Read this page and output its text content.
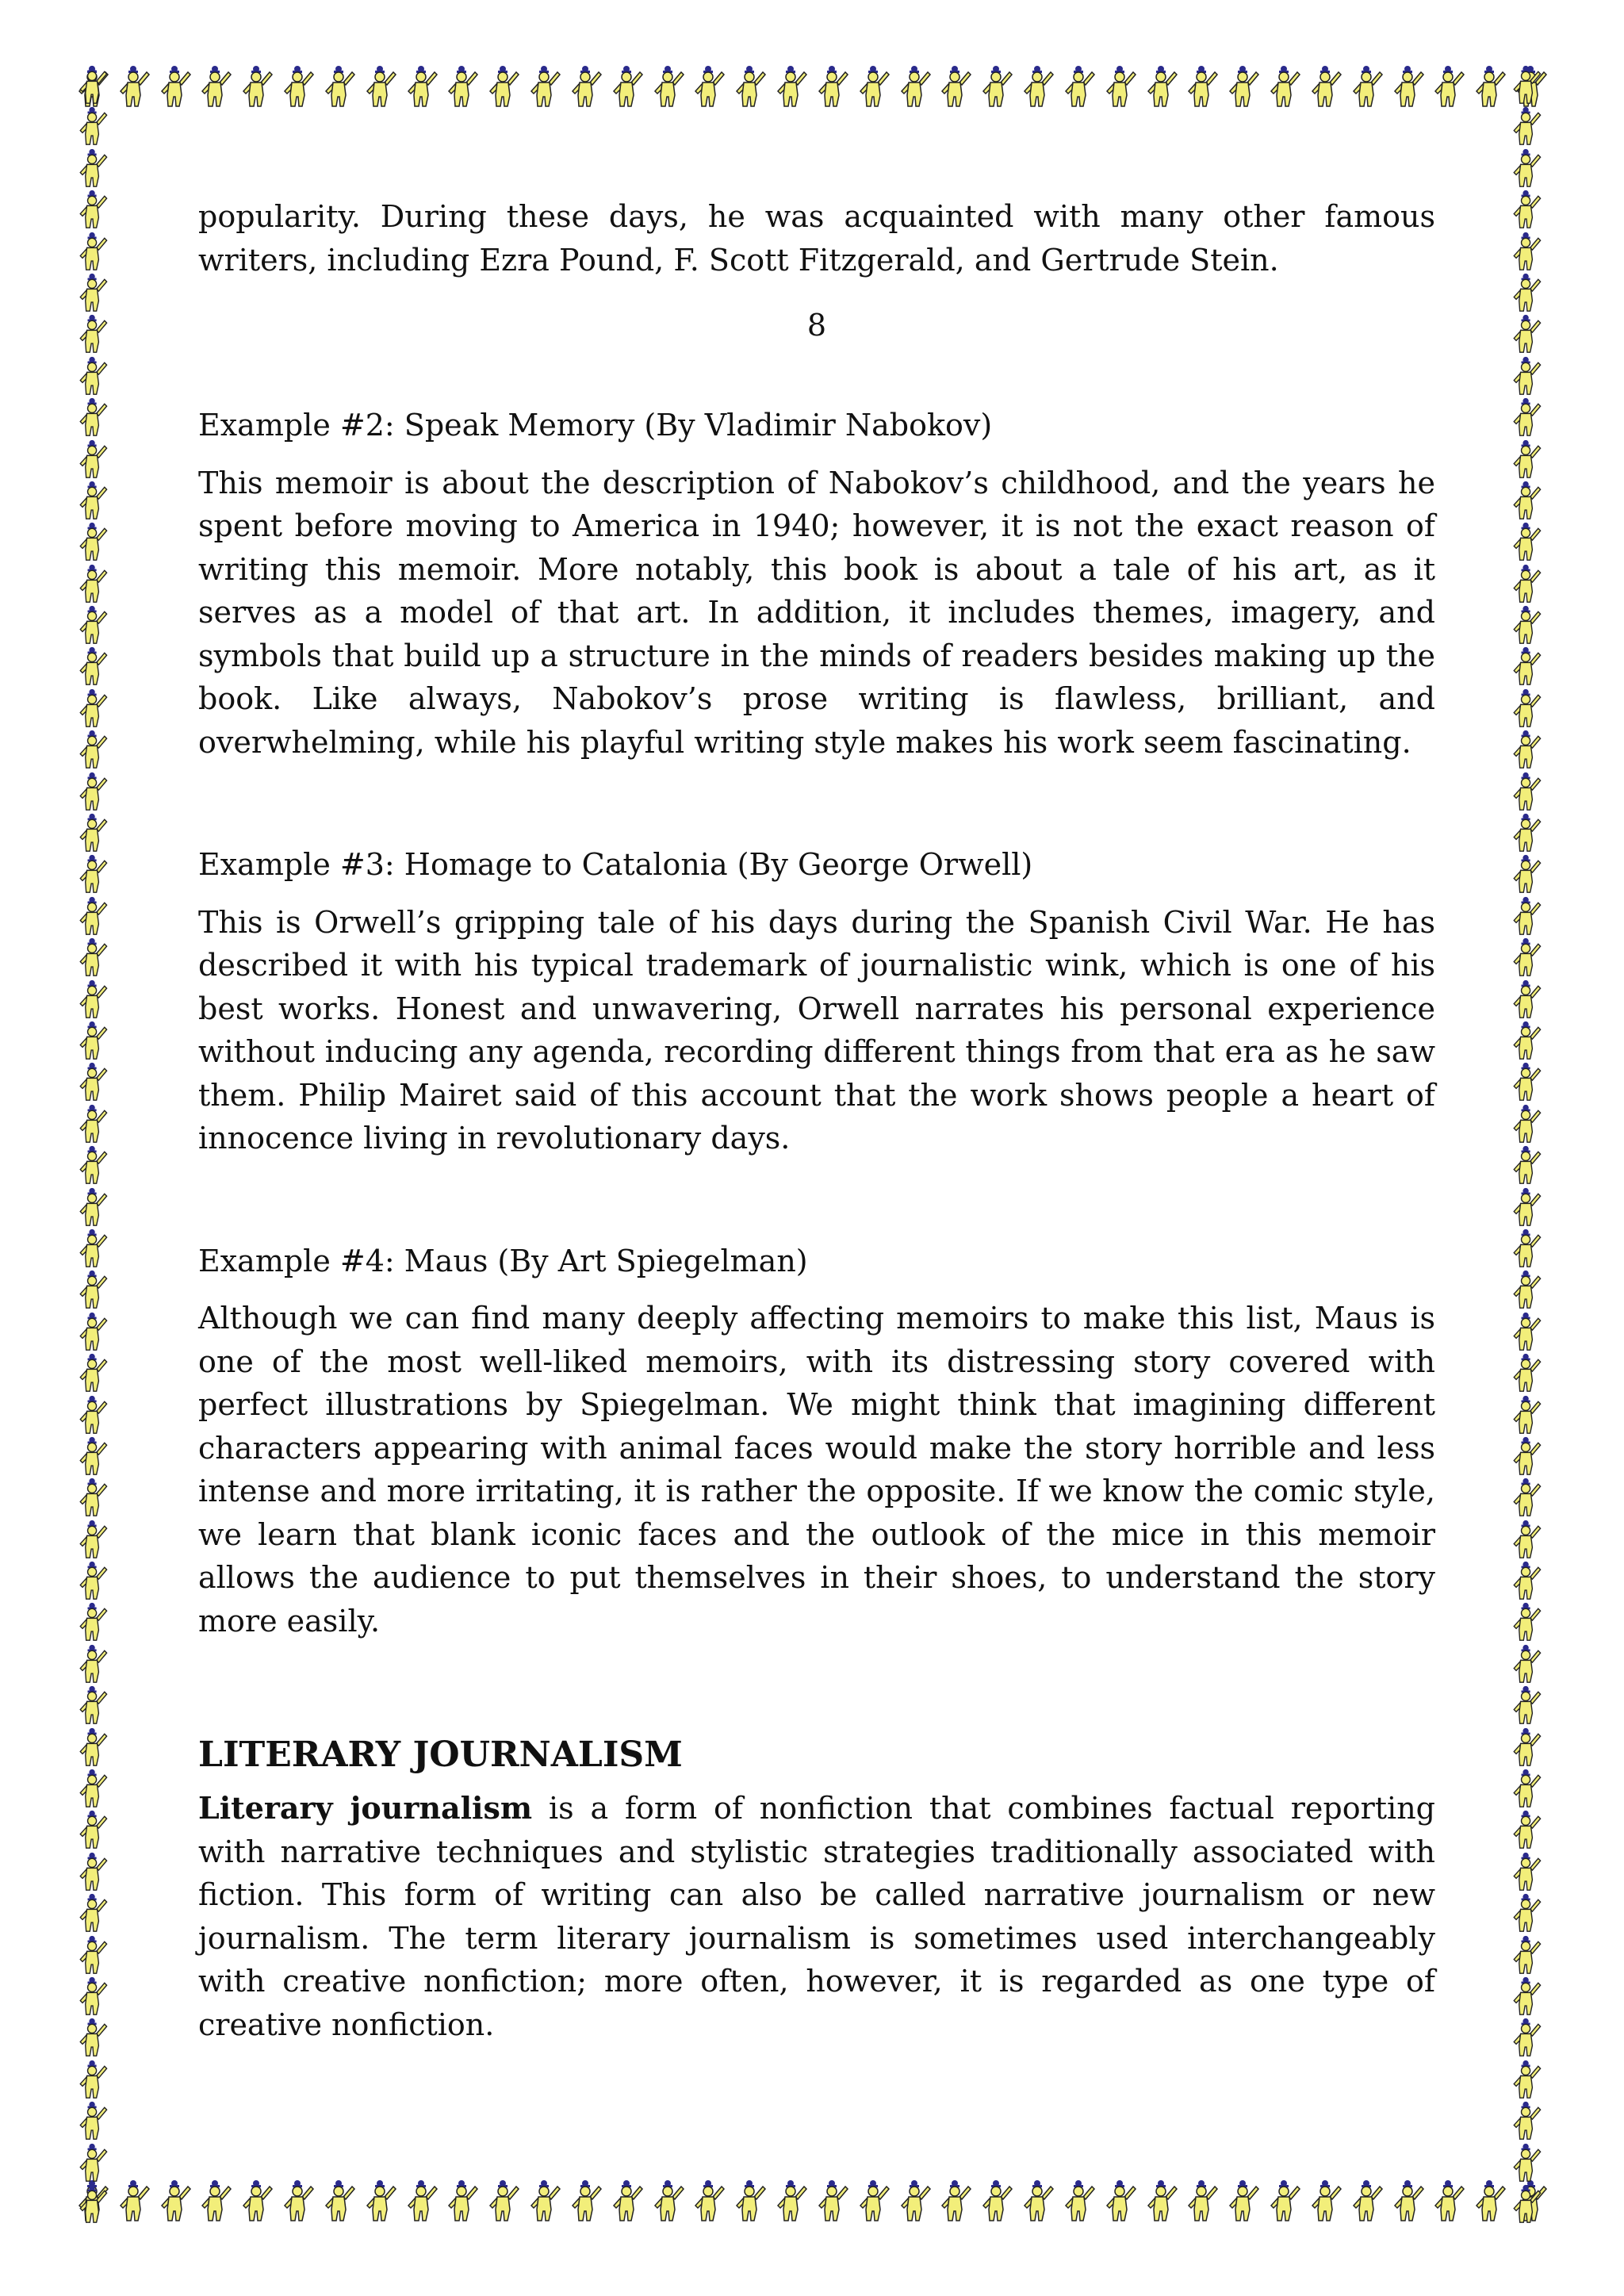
popularity. During these days, he was acquainted with many other famous writers, including Ezra Pound, F. Scott Fitzgerald, and Gertrude Stein.

8

Example #2: Speak Memory (By Vladimir Nabokov)

This memoir is about the description of Nabokov’s childhood, and the years he spent before moving to America in 1940; however, it is not the exact reason of writing this memoir. More notably, this book is about a tale of his art, as it serves as a model of that art. In addition, it includes themes, imagery, and symbols that build up a structure in the minds of readers besides making up the book. Like always, Nabokov’s prose writing is flawless, brilliant, and overwhelming, while his playful writing style makes his work seem fascinating.

Example #3: Homage to Catalonia (By George Orwell)

This is Orwell’s gripping tale of his days during the Spanish Civil War. He has described it with his typical trademark of journalistic wink, which is one of his best works. Honest and unwavering, Orwell narrates his personal experience without inducing any agenda, recording different things from that era as he saw them. Philip Mairet said of this account that the work shows people a heart of innocence living in revolutionary days.

Example #4: Maus (By Art Spiegelman)

Although we can find many deeply affecting memoirs to make this list, Maus is one of the most well-liked memoirs, with its distressing story covered with perfect illustrations by Spiegelman. We might think that imagining different characters appearing with animal faces would make the story horrible and less intense and more irritating, it is rather the opposite. If we know the comic style, we learn that blank iconic faces and the outlook of the mice in this memoir allows the audience to put themselves in their shoes, to understand the story more easily.

LITERARY JOURNALISM

Literary journalism is a form of nonfiction that combines factual reporting with narrative techniques and stylistic strategies traditionally associated with fiction. This form of writing can also be called narrative journalism or new journalism. The term literary journalism is sometimes used interchangeably with creative nonfiction; more often, however, it is regarded as one type of creative nonfiction.
